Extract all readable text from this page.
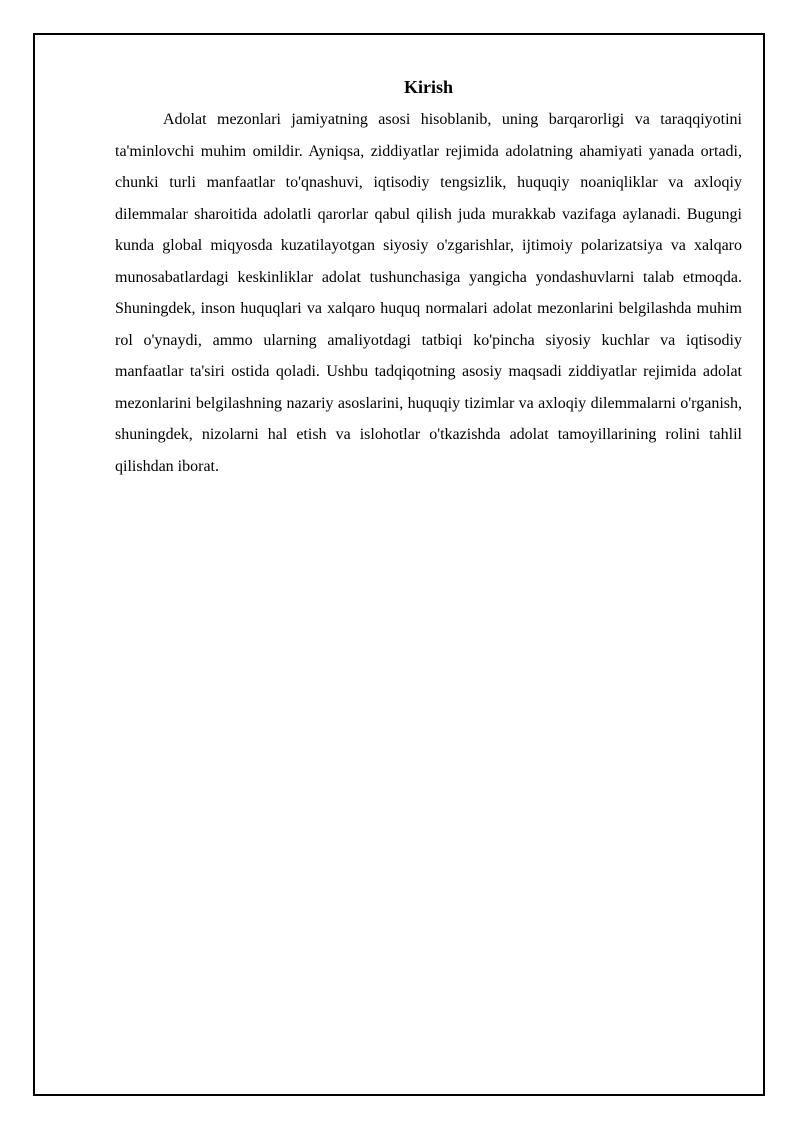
Kirish

Adolat mezonlari jamiyatning asosi hisoblanib, uning barqarorligi va taraqqiyotini ta'minlovchi muhim omildir. Ayniqsa, ziddiyatlar rejimida adolatning ahamiyati yanada ortadi, chunki turli manfaatlar to'qnashuvi, iqtisodiy tengsizlik, huquqiy noaniqliklar va axloqiy dilemmalar sharoitida adolatli qarorlar qabul qilish juda murakkab vazifaga aylanadi. Bugungi kunda global miqyosda kuzatilayotgan siyosiy o'zgarishlar, ijtimoiy polarizatsiya va xalqaro munosabatlardagi keskinliklar adolat tushunchasiga yangicha yondashuvlarni talab etmoqda. Shuningdek, inson huquqlari va xalqaro huquq normalari adolat mezonlarini belgilashda muhim rol o'ynaydi, ammo ularning amaliyotdagi tatbiqi ko'pincha siyosiy kuchlar va iqtisodiy manfaatlar ta'siri ostida qoladi. Ushbu tadqiqotning asosiy maqsadi ziddiyatlar rejimida adolat mezonlarini belgilashning nazariy asoslarini, huquqiy tizimlar va axloqiy dilemmalarni o'rganish, shuningdek, nizolarni hal etish va islohotlar o'tkazishda adolat tamoyillarining rolini tahlil qilishdan iborat.
